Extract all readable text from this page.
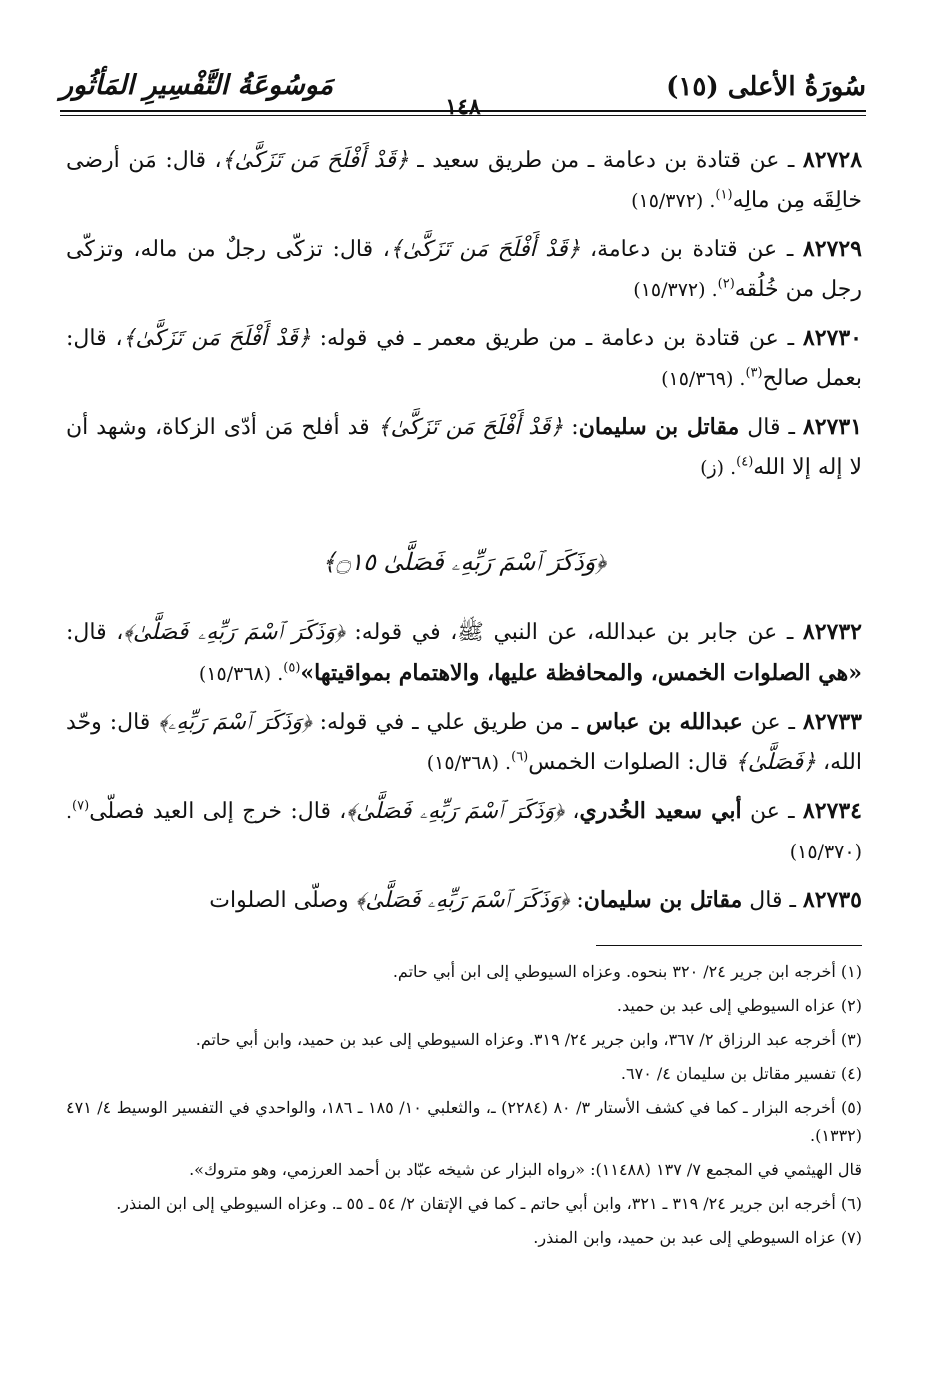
سُورَةُ الأعلى (١٥)
١٤٨
مَوسُوعَةُ التَّفْسِيرِ المَأثُور

٨٢٧٢٨ ـ عن قتادة بن دعامة ـ من طريق سعيد ـ ﴿قَدْ أَفْلَحَ مَن تَزَكَّىٰ﴾، قال: مَن أرضى خالِقَه مِن مالِه$^{(١)}$. (١٥/٣٧٢)

٨٢٧٢٩ ـ عن قتادة بن دعامة، ﴿قَدْ أَفْلَحَ مَن تَزَكَّىٰ﴾، قال: تزكّى رجلٌ من ماله، وتزكّى رجل من خُلُقه$^{(٢)}$. (١٥/٣٧٢)

٨٢٧٣٠ ـ عن قتادة بن دعامة ـ من طريق معمر ـ في قوله: ﴿قَدْ أَفْلَحَ مَن تَزَكَّىٰ﴾، قال: بعمل صالح$^{(٣)}$. (١٥/٣٦٩)

٨٢٧٣١ ـ قال مقاتل بن سليمان: ﴿قَدْ أَفْلَحَ مَن تَزَكَّىٰ﴾ قد أفلح مَن أدّى الزكاة، وشهد أن لا إله إلا الله$^{(٤)}$. (ز)

﴿وَذَكَرَ ٱسْمَ رَبِّهِۦ فَصَلَّىٰ ۝١٥﴾

٨٢٧٣٢ ـ عن جابر بن عبدالله، عن النبي ﷺ، في قوله: ﴿وَذَكَرَ ٱسْمَ رَبِّهِۦ فَصَلَّىٰ﴾، قال: «هي الصلوات الخمس، والمحافظة عليها، والاهتمام بمواقيتها»$^{(٥)}$. (١٥/٣٦٨)

٨٢٧٣٣ ـ عن عبدالله بن عباس ـ من طريق علي ـ في قوله: ﴿وَذَكَرَ ٱسْمَ رَبِّهِۦ﴾ قال: وحّد الله، ﴿فَصَلَّىٰ﴾ قال: الصلوات الخمس$^{(٦)}$. (١٥/٣٦٨)

٨٢٧٣٤ ـ عن أبي سعيد الخُدري، ﴿وَذَكَرَ ٱسْمَ رَبِّهِۦ فَصَلَّىٰ﴾، قال: خرج إلى العيد فصلّى$^{(٧)}$. (١٥/٣٧٠)

٨٢٧٣٥ ـ قال مقاتل بن سليمان: ﴿وَذَكَرَ ٱسْمَ رَبِّهِۦ فَصَلَّىٰ﴾ وصلّى الصلوات

(١) أخرجه ابن جرير ٢٤/ ٣٢٠ بنحوه. وعزاه السيوطي إلى ابن أبي حاتم.

(٢) عزاه السيوطي إلى عبد بن حميد.

(٣) أخرجه عبد الرزاق ٢/ ٣٦٧، وابن جرير ٢٤/ ٣١٩. وعزاه السيوطي إلى عبد بن حميد، وابن أبي حاتم.

(٤) تفسير مقاتل بن سليمان ٤/ ٦٧٠.

(٥) أخرجه البزار ـ كما في كشف الأستار ٣/ ٨٠ (٢٢٨٤) ـ، والثعلبي ١٠/ ١٨٥ ـ ١٨٦، والواحدي في التفسير الوسيط ٤/ ٤٧١ (١٣٣٢).

قال الهيثمي في المجمع ٧/ ١٣٧ (١١٤٨٨): «رواه البزار عن شيخه عبّاد بن أحمد العرزمي، وهو متروك».

(٦) أخرجه ابن جرير ٢٤/ ٣١٩ ـ ٣٢١، وابن أبي حاتم ـ كما في الإتقان ٢/ ٥٤ ـ ٥٥ ـ. وعزاه السيوطي إلى ابن المنذر.

(٧) عزاه السيوطي إلى عبد بن حميد، وابن المنذر.
